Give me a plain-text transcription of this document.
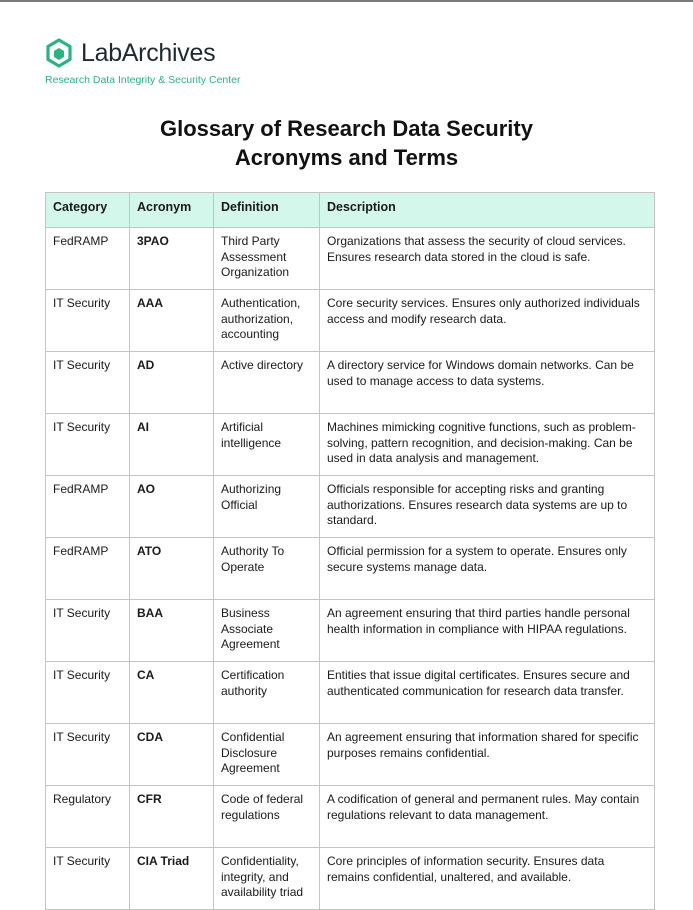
LabArchives
Research Data Integrity & Security Center
Glossary of Research Data Security
Acronyms and Terms
Category	Acronym	Definition	Description
FedRAMP	3PAO	Third Party Assessment Organization	Organizations that assess the security of cloud services. Ensures research data stored in the cloud is safe.
IT Security	AAA	Authentication, authorization, accounting	Core security services. Ensures only authorized individuals access and modify research data.
IT Security	AD	Active directory	A directory service for Windows domain networks. Can be used to manage access to data systems.
IT Security	AI	Artificial intelligence	Machines mimicking cognitive functions, such as problem-solving, pattern recognition, and decision-making. Can be used in data analysis and management.
FedRAMP	AO	Authorizing Official	Officials responsible for accepting risks and granting authorizations. Ensures research data systems are up to standard.
FedRAMP	ATO	Authority To Operate	Official permission for a system to operate. Ensures only secure systems manage data.
IT Security	BAA	Business Associate Agreement	An agreement ensuring that third parties handle personal health information in compliance with HIPAA regulations.
IT Security	CA	Certification authority	Entities that issue digital certificates. Ensures secure and authenticated communication for research data transfer.
IT Security	CDA	Confidential Disclosure Agreement	An agreement ensuring that information shared for specific purposes remains confidential.
Regulatory	CFR	Code of federal regulations	A codification of general and permanent rules. May contain regulations relevant to data management.
IT Security	CIA Triad	Confidentiality, integrity, and availability triad	Core principles of information security. Ensures data remains confidential, unaltered, and available.
